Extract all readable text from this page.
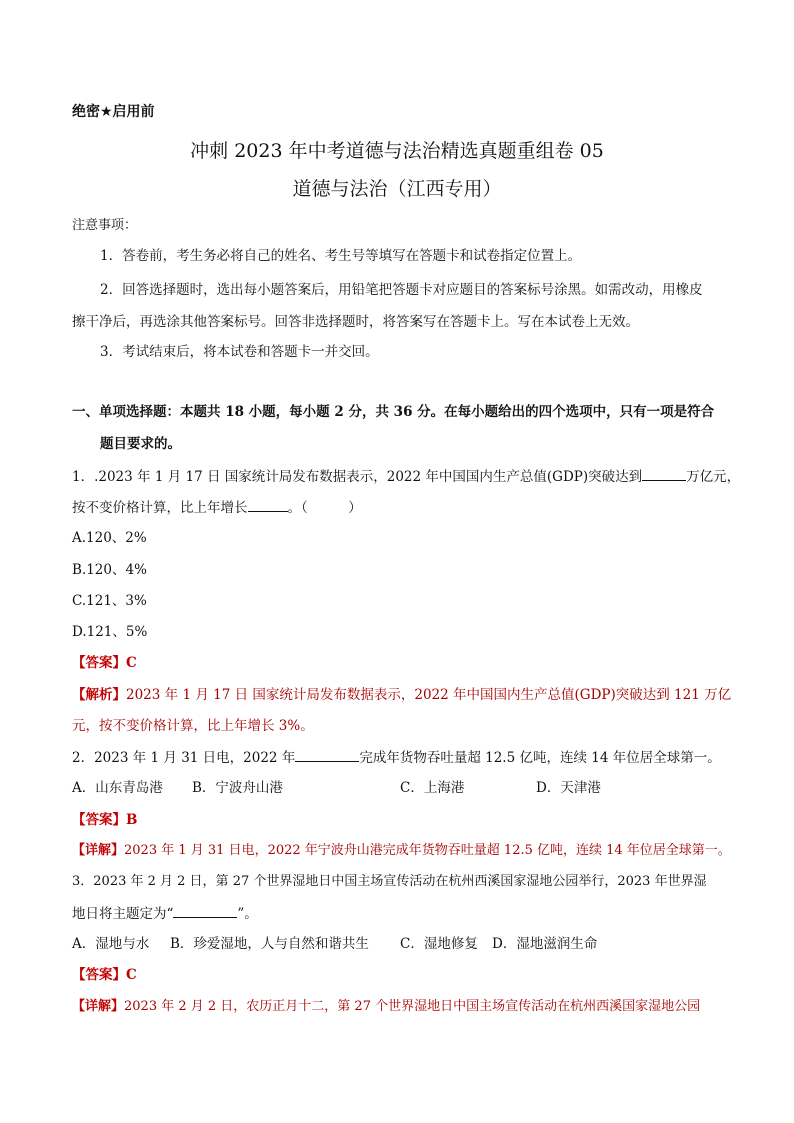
绝密★启用前
冲刺 2023 年中考道德与法治精选真题重组卷 05
道德与法治（江西专用）
注意事项：
1．答卷前，考生务必将自己的姓名、考生号等填写在答题卡和试卷指定位置上。
2．回答选择题时，选出每小题答案后，用铅笔把答题卡对应题目的答案标号涂黑。如需改动，用橡皮
擦干净后，再选涂其他答案标号。回答非选择题时，将答案写在答题卡上。写在本试卷上无效。
3．考试结束后，将本试卷和答题卡一并交回。
一、单项选择题：本题共 18 小题，每小题 2 分，共 36 分。在每小题给出的四个选项中，只有一项是符合
题目要求的。
1．.2023 年 1 月 17 日 国家统计局发布数据表示，2022 年中国国内生产总值(GDP)突破达到	万亿元，
按不变价格计算，比上年增长	。（　　　）
A.120、2%
B.120、4%
C.121、3%
D.121、5%
【答案】C
【解析】2023 年 1 月 17 日 国家统计局发布数据表示，2022 年中国国内生产总值(GDP)突破达到 121 万亿
元，按不变价格计算，比上年增长 3%。
2．2023 年 1 月 31 日电，2022 年	完成年货物吞吐量超 12.5 亿吨，连续 14 年位居全球第一。
A．山东青岛港 B．宁波舟山港	C．上海港	D．天津港
【答案】B
【详解】2023 年 1 月 31 日电，2022 年宁波舟山港完成年货物吞吐量超 12.5 亿吨，连续 14 年位居全球第一。
3．2023 年 2 月 2 日，第 27 个世界湿地日中国主场宣传活动在杭州西溪国家湿地公园举行，2023 年世界湿
地日将主题定为“	”。
A．湿地与水 B．珍爱湿地，人与自然和谐共生 C．湿地修复 D．湿地滋润生命
【答案】C
【详解】2023 年 2 月 2 日，农历正月十二，第 27 个世界湿地日中国主场宣传活动在杭州西溪国家湿地公园
